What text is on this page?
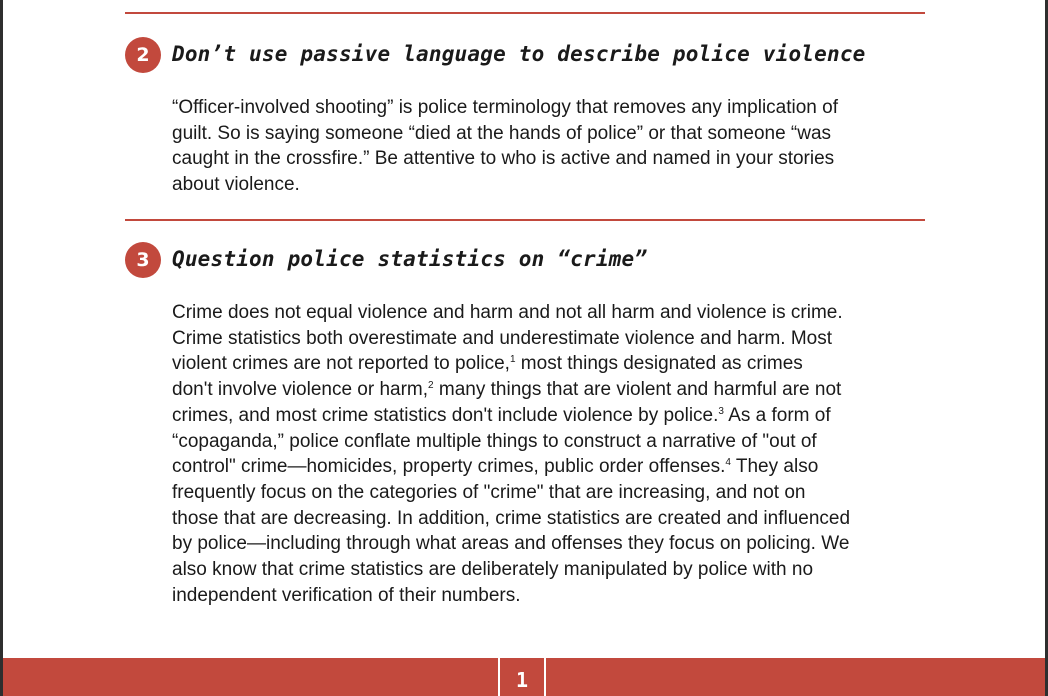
2	Don’t use passive language to describe police violence
“Officer-involved shooting” is police terminology that removes any implication of
guilt. So is saying someone “died at the hands of police” or that someone “was
caught in the crossfire.” Be attentive to who is active and named in your stories
about violence.
3	Question police statistics on “crime”
Crime does not equal violence and harm and not all harm and violence is crime.
Crime statistics both overestimate and underestimate violence and harm. Most
violent crimes are not reported to police,$^1$ most things designated as crimes
don't involve violence or harm,$^2$ many things that are violent and harmful are not
crimes, and most crime statistics don't include violence by police.$^3$ As a form of
“copaganda,” police conflate multiple things to construct a narrative of "out of
control" crime—homicides, property crimes, public order offenses.$^4$ They also
frequently focus on the categories of "crime" that are increasing, and not on
those that are decreasing. In addition, crime statistics are created and influenced
by police—including through what areas and offenses they focus on policing. We
also know that crime statistics are deliberately manipulated by police with no
independent verification of their numbers.
1
